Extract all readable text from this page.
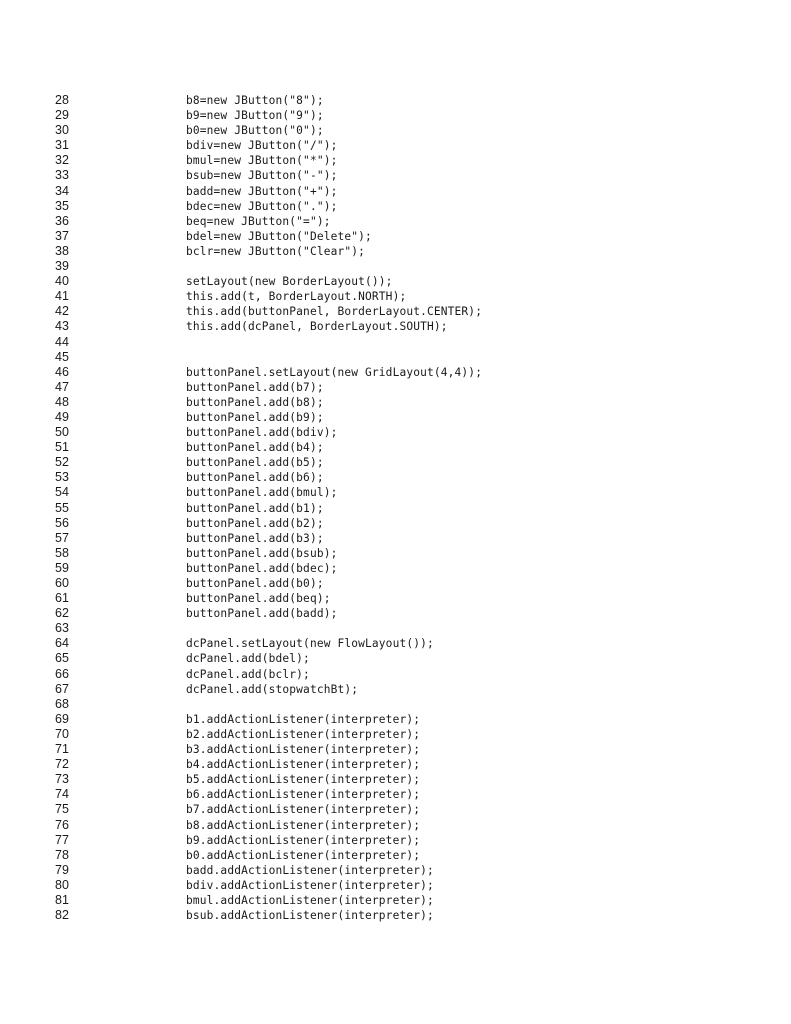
28	b8=new JButton("8");
29	b9=new JButton("9");
30	b0=new JButton("0");
31	bdiv=new JButton("/");
32	bmul=new JButton("*");
33	bsub=new JButton("-");
34	badd=new JButton("+");
35	bdec=new JButton(".");
36	beq=new JButton("=");
37	bdel=new JButton("Delete");
38	bclr=new JButton("Clear");
39
40	setLayout(new BorderLayout());
41	this.add(t, BorderLayout.NORTH);
42	this.add(buttonPanel, BorderLayout.CENTER);
43	this.add(dcPanel, BorderLayout.SOUTH);
44
45
46	buttonPanel.setLayout(new GridLayout(4,4));
47	buttonPanel.add(b7);
48	buttonPanel.add(b8);
49	buttonPanel.add(b9);
50	buttonPanel.add(bdiv);
51	buttonPanel.add(b4);
52	buttonPanel.add(b5);
53	buttonPanel.add(b6);
54	buttonPanel.add(bmul);
55	buttonPanel.add(b1);
56	buttonPanel.add(b2);
57	buttonPanel.add(b3);
58	buttonPanel.add(bsub);
59	buttonPanel.add(bdec);
60	buttonPanel.add(b0);
61	buttonPanel.add(beq);
62	buttonPanel.add(badd);
63
64	dcPanel.setLayout(new FlowLayout());
65	dcPanel.add(bdel);
66	dcPanel.add(bclr);
67	dcPanel.add(stopwatchBt);
68
69	b1.addActionListener(interpreter);
70	b2.addActionListener(interpreter);
71	b3.addActionListener(interpreter);
72	b4.addActionListener(interpreter);
73	b5.addActionListener(interpreter);
74	b6.addActionListener(interpreter);
75	b7.addActionListener(interpreter);
76	b8.addActionListener(interpreter);
77	b9.addActionListener(interpreter);
78	b0.addActionListener(interpreter);
79	badd.addActionListener(interpreter);
80	bdiv.addActionListener(interpreter);
81	bmul.addActionListener(interpreter);
82	bsub.addActionListener(interpreter);
